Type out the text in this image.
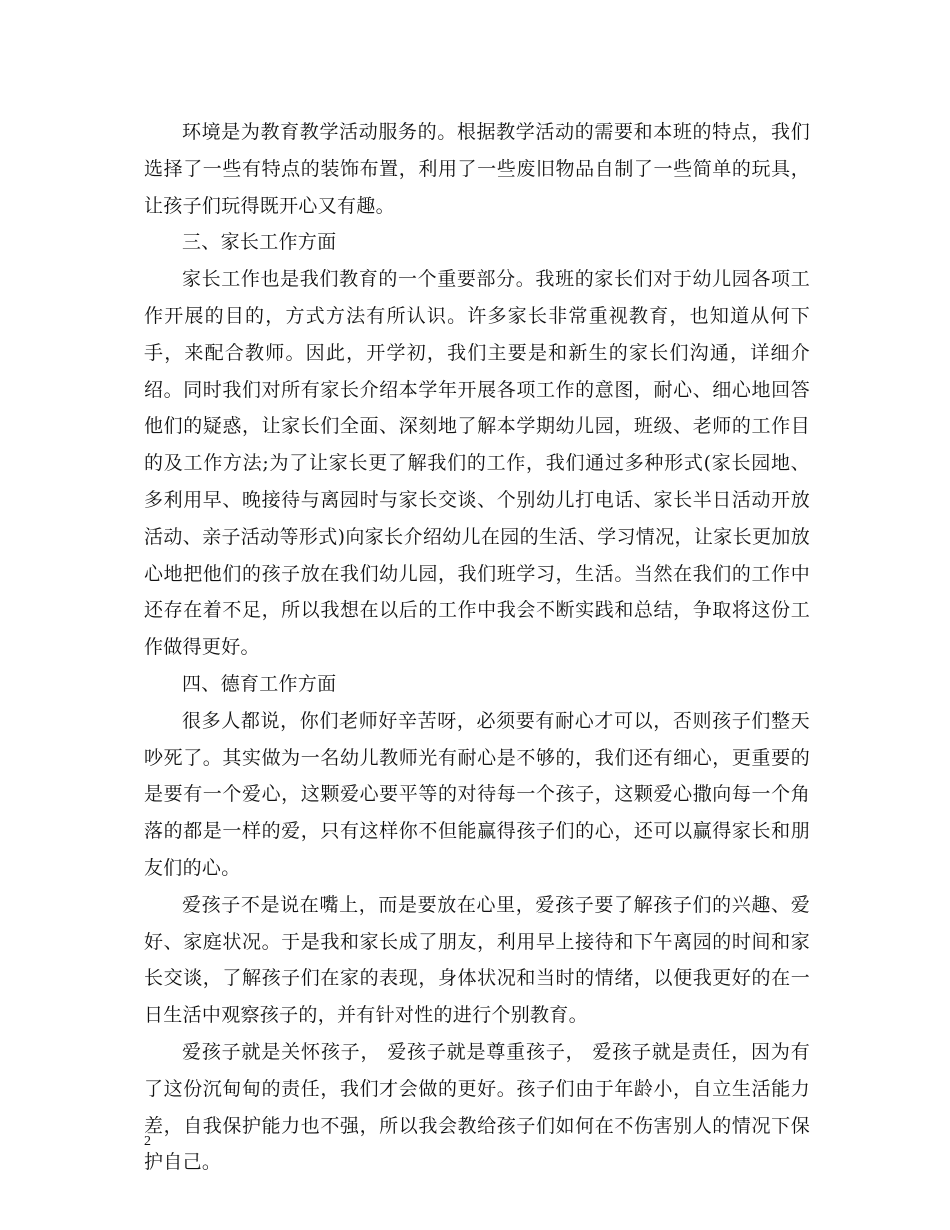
环境是为教育教学活动服务的。根据教学活动的需要和本班的特点，我们选择了一些有特点的装饰布置，利用了一些废旧物品自制了一些简单的玩具，让孩子们玩得既开心又有趣。

三、家长工作方面

家长工作也是我们教育的一个重要部分。我班的家长们对于幼儿园各项工作开展的目的，方式方法有所认识。许多家长非常重视教育，也知道从何下手，来配合教师。因此，开学初，我们主要是和新生的家长们沟通，详细介绍。同时我们对所有家长介绍本学年开展各项工作的意图，耐心、细心地回答他们的疑惑，让家长们全面、深刻地了解本学期幼儿园，班级、老师的工作目的及工作方法;为了让家长更了解我们的工作，我们通过多种形式(家长园地、多利用早、晚接待与离园时与家长交谈、个别幼儿打电话、家长半日活动开放活动、亲子活动等形式)向家长介绍幼儿在园的生活、学习情况，让家长更加放心地把他们的孩子放在我们幼儿园，我们班学习，生活。当然在我们的工作中还存在着不足，所以我想在以后的工作中我会不断实践和总结，争取将这份工作做得更好。

四、德育工作方面

很多人都说，你们老师好辛苦呀，必须要有耐心才可以，否则孩子们整天吵死了。其实做为一名幼儿教师光有耐心是不够的，我们还有细心，更重要的是要有一个爱心，这颗爱心要平等的对待每一个孩子，这颗爱心撒向每一个角落的都是一样的爱，只有这样你不但能赢得孩子们的心，还可以赢得家长和朋友们的心。

爱孩子不是说在嘴上，而是要放在心里，爱孩子要了解孩子们的兴趣、爱好、家庭状况。于是我和家长成了朋友，利用早上接待和下午离园的时间和家长交谈，了解孩子们在家的表现，身体状况和当时的情绪，以便我更好的在一日生活中观察孩子的，并有针对性的进行个别教育。

爱孩子就是关怀孩子， 爱孩子就是尊重孩子， 爱孩子就是责任，因为有了这份沉甸甸的责任，我们才会做的更好。孩子们由于年龄小，自立生活能力差，自我保护能力也不强，所以我会教给孩子们如何在不伤害别人的情况下保护自己。

2
